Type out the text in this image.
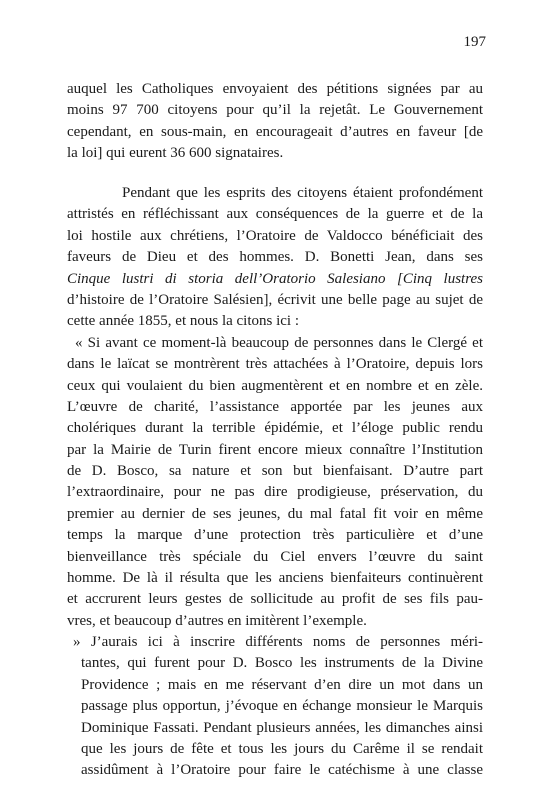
197
auquel les Catholiques envoyaient des pétitions signées par au
moins 97 700 citoyens pour qu’il la rejetât. Le Gouvernement
cependant, en sous-main, en encourageait d’autres en faveur [de
la loi] qui eurent 36 600 signataires.
Pendant que les esprits des citoyens étaient profondément
attristés en réfléchissant aux conséquences de la guerre et de la
loi hostile aux chrétiens, l’Oratoire de Valdocco bénéficiait des
faveurs de Dieu et des hommes. D. Bonetti Jean, dans ses
Cinque lustri di storia dell’Oratorio Salesiano [Cinq lustres
d’histoire de l’Oratoire Salésien], écrivit une belle page au sujet de
cette année 1855, et nous la citons ici :
« Si avant ce moment-là beaucoup de personnes dans le Clergé et
dans le laïcat se montrèrent très attachées à l’Oratoire, depuis lors
ceux qui voulaient du bien augmentèrent et en nombre et en zèle.
L’œuvre de charité, l’assistance apportée par les jeunes aux
cholériques durant la terrible épidémie, et l’éloge public rendu
par la Mairie de Turin firent encore mieux connaître l’Institution
de D. Bosco, sa nature et son but bienfaisant. D’autre part
l’extraordinaire, pour ne pas dire prodigieuse, préservation, du
premier au dernier de ses jeunes, du mal fatal fit voir en même
temps la marque d’une protection très particulière et d’une
bienveillance très spéciale du Ciel envers l’œuvre du saint
homme. De là il résulta que les anciens bienfaiteurs continuèrent
et accrurent leurs gestes de sollicitude au profit de ses fils pau-
vres, et beaucoup d’autres en imitèrent l’exemple.
» J’aurais ici à inscrire différents noms de personnes méri-
tantes, qui furent pour D. Bosco les instruments de la Divine
Providence ; mais en me réservant d’en dire un mot dans un
passage plus opportun, j’évoque en échange monsieur le Marquis
Dominique Fassati. Pendant plusieurs années, les dimanches ainsi
que les jours de fête et tous les jours du Carême il se rendait
assidûment à l’Oratoire pour faire le catéchisme à une classe
